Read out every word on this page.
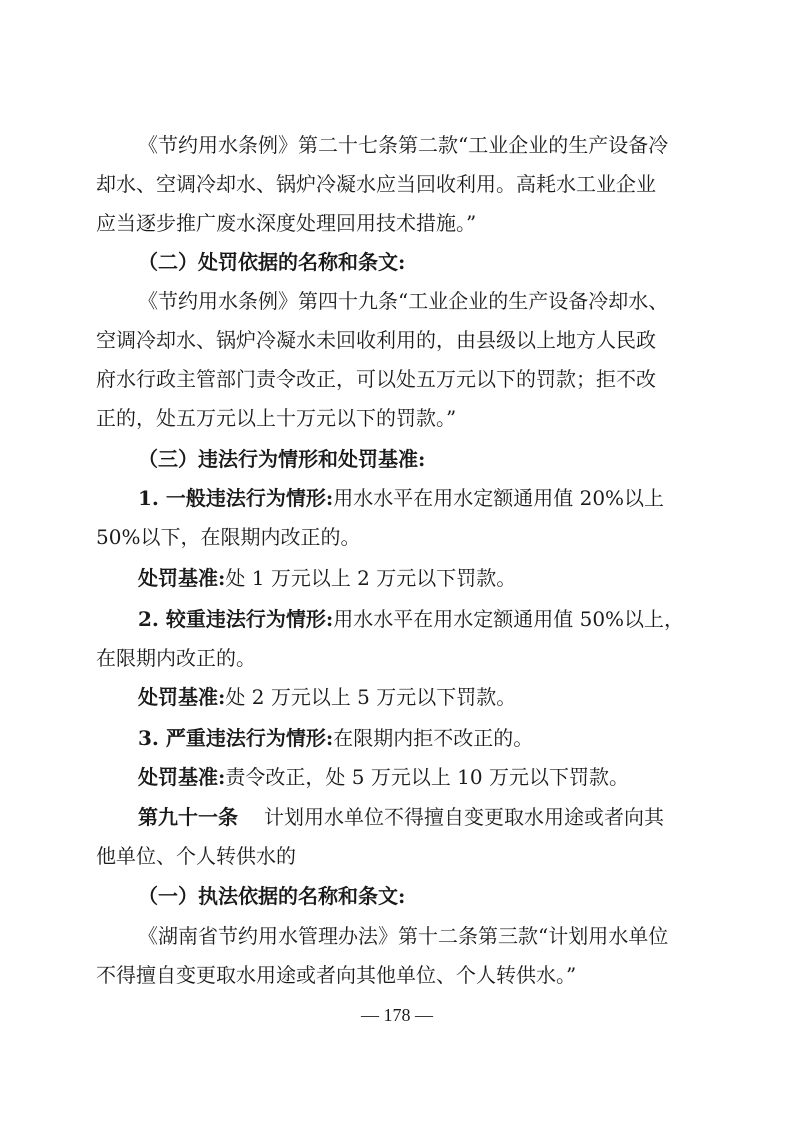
《节约用水条例》第二十七条第二款“工业企业的生产设备冷
却水、空调冷却水、锅炉冷凝水应当回收利用。高耗水工业企业
应当逐步推广废水深度处理回用技术措施。”
（二）处罚依据的名称和条文:
《节约用水条例》第四十九条“工业企业的生产设备冷却水、
空调冷却水、锅炉冷凝水未回收利用的，由县级以上地方人民政
府水行政主管部门责令改正，可以处五万元以下的罚款；拒不改
正的，处五万元以上十万元以下的罚款。”
（三）违法行为情形和处罚基准:
1. 一般违法行为情形:用水水平在用水定额通用值 20%以上
50%以下，在限期内改正的。
处罚基准:处 1 万元以上 2 万元以下罚款。
2. 较重违法行为情形:用水水平在用水定额通用值 50%以上，
在限期内改正的。
处罚基准:处 2 万元以上 5 万元以下罚款。
3. 严重违法行为情形:在限期内拒不改正的。
处罚基准:责令改正，处 5 万元以上 10 万元以下罚款。
第九十一条 计划用水单位不得擅自变更取水用途或者向其
他单位、个人转供水的
（一）执法依据的名称和条文:
《湖南省节约用水管理办法》第十二条第三款“计划用水单位
不得擅自变更取水用途或者向其他单位、个人转供水。”
— 178 —
